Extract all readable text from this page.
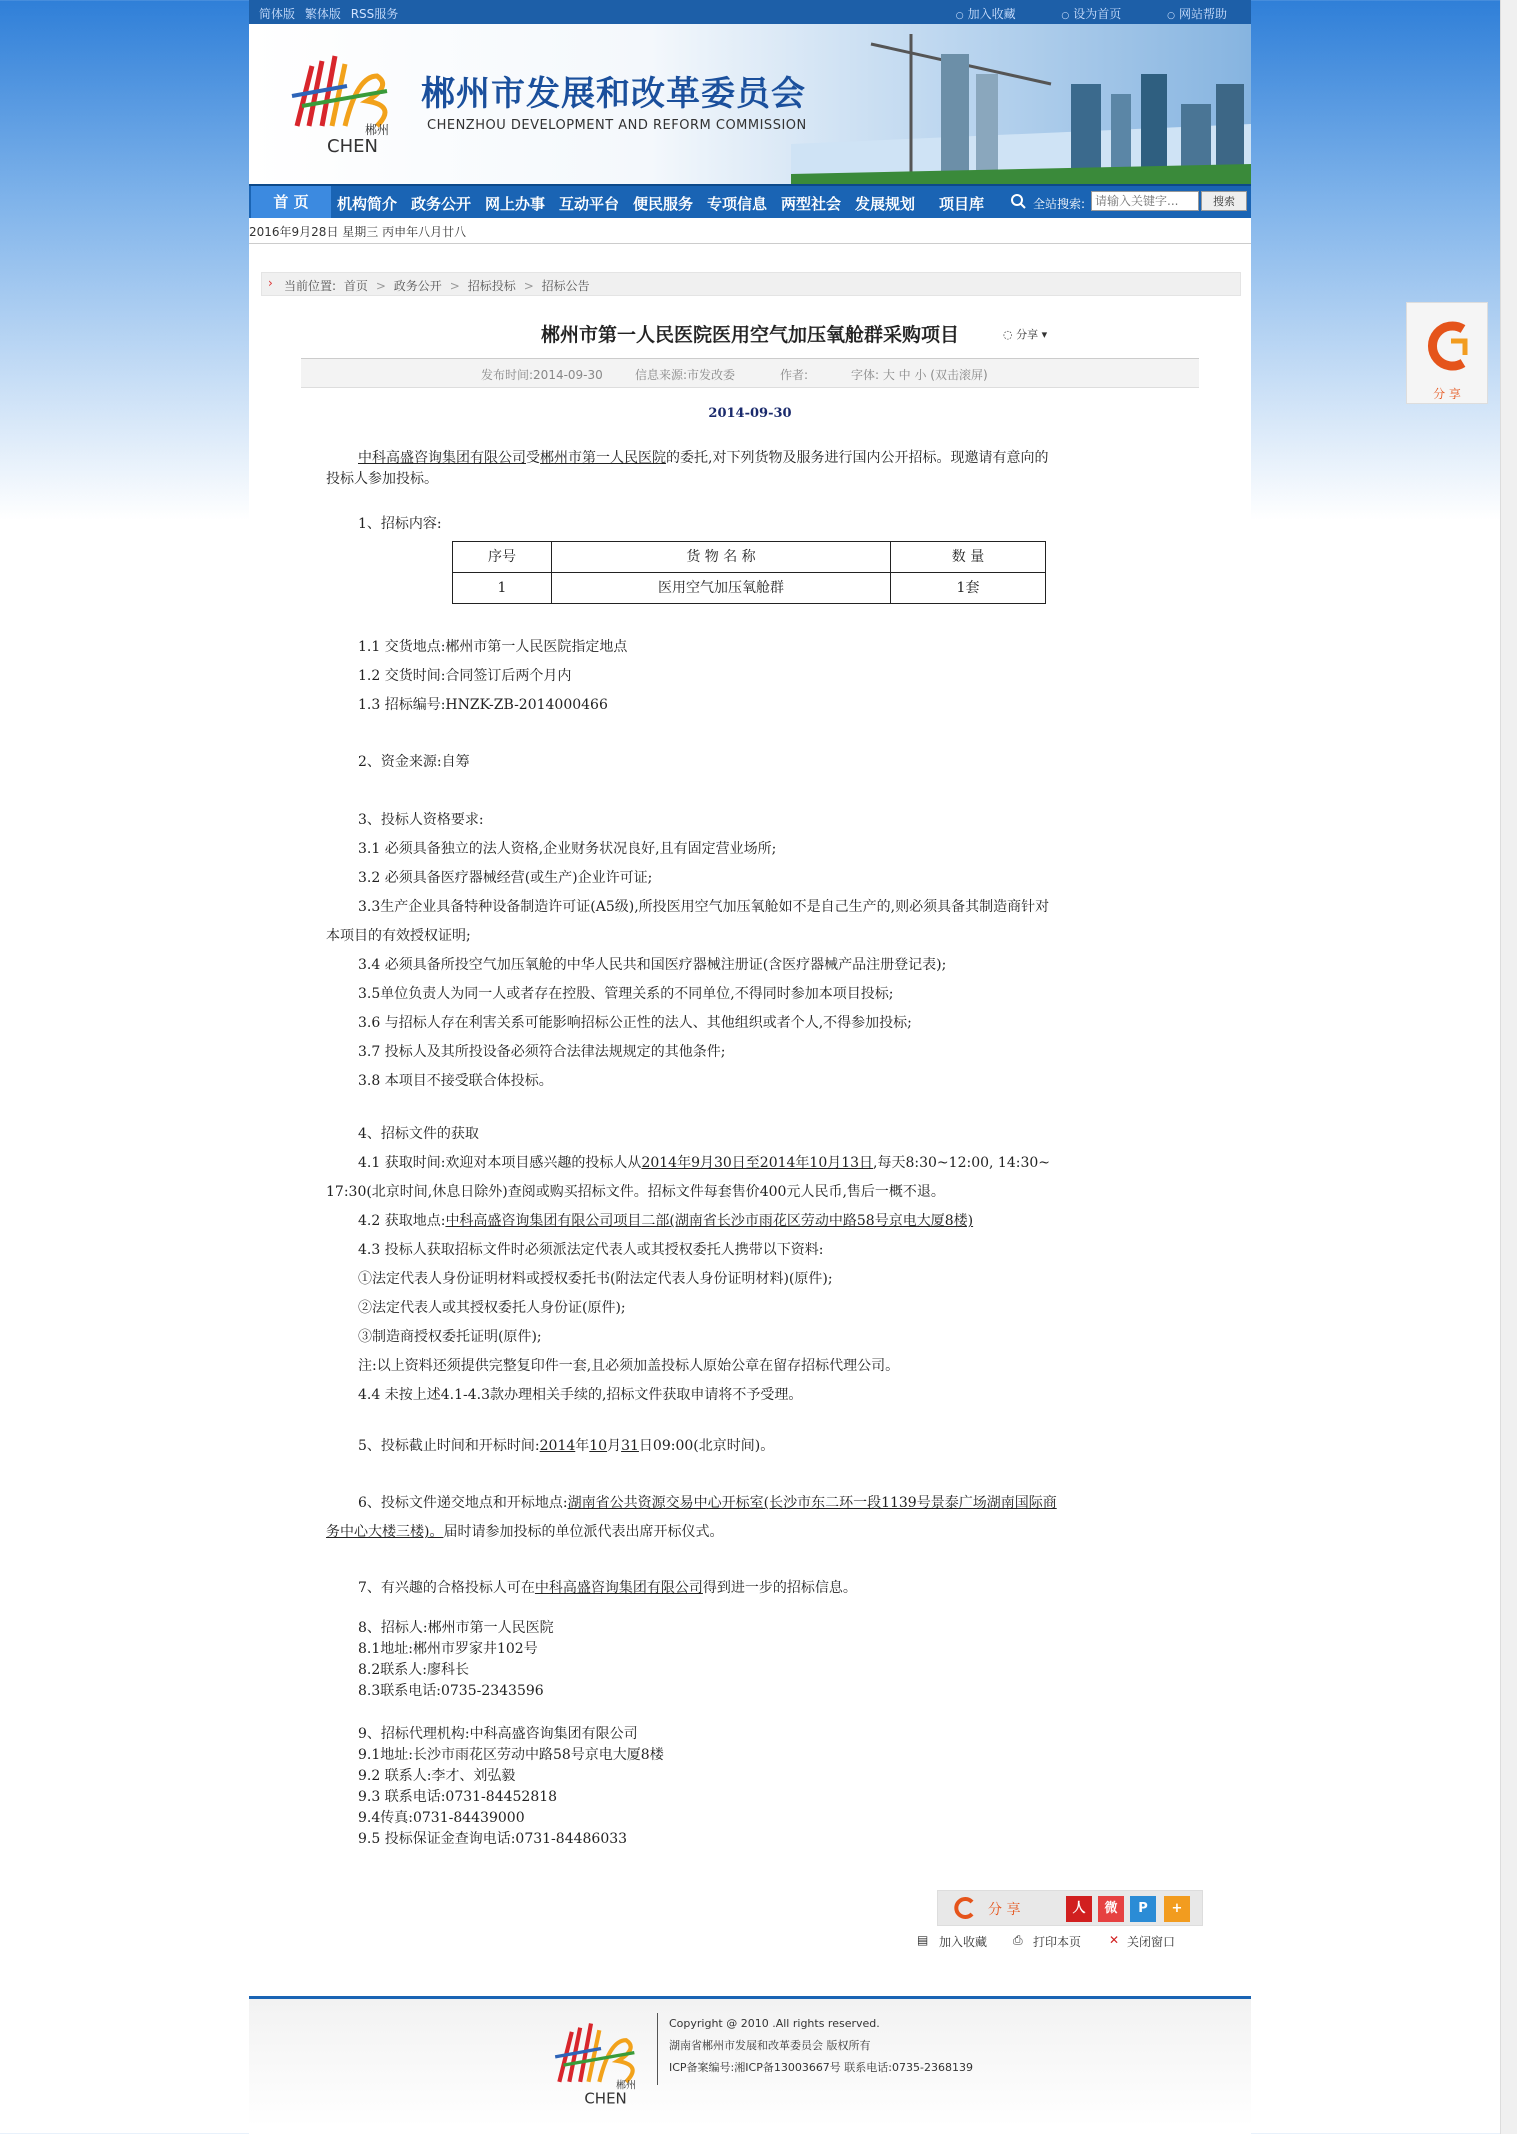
简体版 繁体版 RSS服务	○ 加入收藏	○ 设为首页	○ 网站帮助
郴州
CHEN
郴州市发展和改革委员会
CHENZHOU DEVELOPMENT AND REFORM COMMISSION
首 页	机构简介 政务公开 网上办事 互动平台 便民服务 专项信息 两型社会 发展规划 项目库	全站搜索:
请输入关键字...	搜索
2016年9月28日 星期三 丙申年八月廿八
› 当前位置: 首页 > 政务公开 > 招标投标 > 招标公告
郴州市第一人民医院医用空气加压氧舱群采购项目	◌ 分享 ▾
发布时间:2014-09-30	信息来源:市发改委	作者:	字体: 大 中 小 (双击滚屏)
2014-09-30
中科高盛咨询集团有限公司受郴州市第一人民医院的委托,对下列货物及服务进行国内公开招标。现邀请有意向的
投标人参加投标。
1、招标内容:
序号	货 物 名 称	数 量
1	医用空气加压氧舱群	1套
1.1 交货地点:郴州市第一人民医院指定地点
1.2 交货时间:合同签订后两个月内
1.3 招标编号:HNZK-ZB-2014000466
2、资金来源:自筹
3、投标人资格要求:
3.1 必须具备独立的法人资格,企业财务状况良好,且有固定营业场所;
3.2 必须具备医疗器械经营(或生产)企业许可证;
3.3生产企业具备特种设备制造许可证(A5级),所投医用空气加压氧舱如不是自己生产的,则必须具备其制造商针对
本项目的有效授权证明;
3.4 必须具备所投空气加压氧舱的中华人民共和国医疗器械注册证(含医疗器械产品注册登记表);
3.5单位负责人为同一人或者存在控股、管理关系的不同单位,不得同时参加本项目投标;
3.6 与招标人存在利害关系可能影响招标公正性的法人、其他组织或者个人,不得参加投标;
3.7 投标人及其所投设备必须符合法律法规规定的其他条件;
3.8 本项目不接受联合体投标。
4、招标文件的获取
4.1 获取时间:欢迎对本项目感兴趣的投标人从2014年9月30日至2014年10月13日,每天8:30~12:00, 14:30~
17:30(北京时间,休息日除外)查阅或购买招标文件。招标文件每套售价400元人民币,售后一概不退。
4.2 获取地点:中科高盛咨询集团有限公司项目二部(湖南省长沙市雨花区劳动中路58号京电大厦8楼)
4.3 投标人获取招标文件时必须派法定代表人或其授权委托人携带以下资料:
①法定代表人身份证明材料或授权委托书(附法定代表人身份证明材料)(原件);
②法定代表人或其授权委托人身份证(原件);
③制造商授权委托证明(原件);
注:以上资料还须提供完整复印件一套,且必须加盖投标人原始公章在留存招标代理公司。
4.4 未按上述4.1-4.3款办理相关手续的,招标文件获取申请将不予受理。
5、投标截止时间和开标时间:2014年10月31日09:00(北京时间)。
6、投标文件递交地点和开标地点:湖南省公共资源交易中心开标室(长沙市东二环一段1139号景泰广场湖南国际商
务中心大楼三楼)。届时请参加投标的单位派代表出席开标仪式。
7、有兴趣的合格投标人可在中科高盛咨询集团有限公司得到进一步的招标信息。
8、招标人:郴州市第一人民医院
8.1地址:郴州市罗家井102号
8.2联系人:廖科长
8.3联系电话:0735-2343596
9、招标代理机构:中科高盛咨询集团有限公司
9.1地址:长沙市雨花区劳动中路58号京电大厦8楼
9.2 联系人:李才、刘弘毅
9.3 联系电话:0731-84452818
9.4传真:0731-84439000
9.5 投标保证金查询电话:0731-84486033
分 享	人	微	P	+
▤ 加入收藏 ⎙ 打印本页 ✕ 关闭窗口
郴州
CHEN
Copyright @ 2010 .All rights reserved.
湖南省郴州市发展和改革委员会 版权所有
ICP备案编号:湘ICP备13003667号 联系电话:0735-2368139
分 享
